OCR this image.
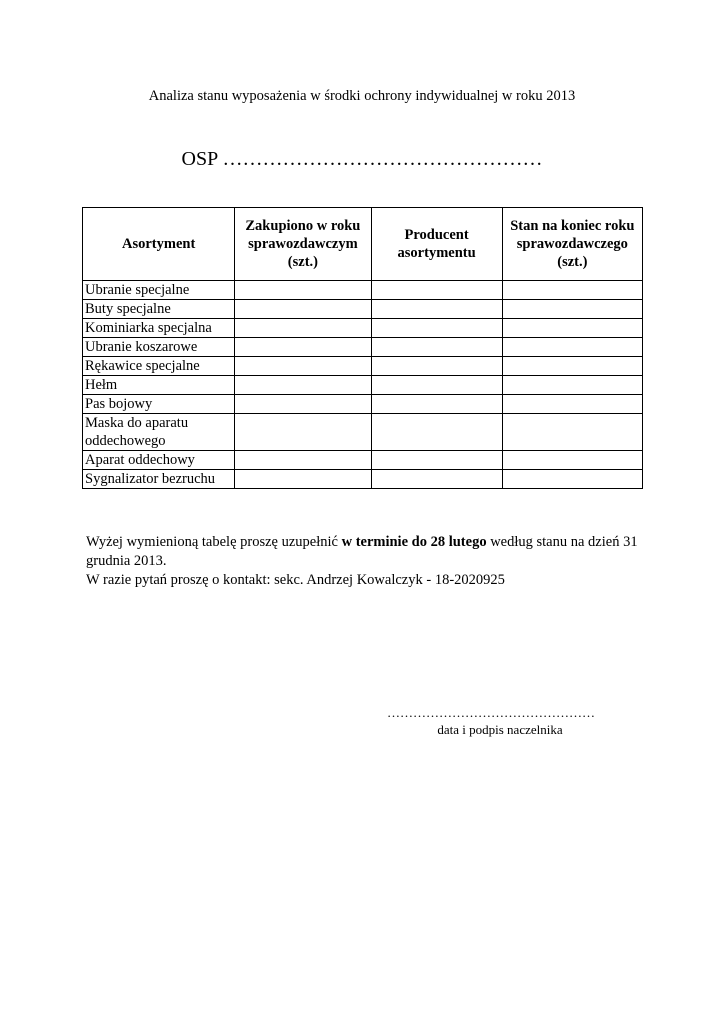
Analiza stanu wyposażenia w środki ochrony indywidualnej w roku 2013
OSP …………………………………………
Asortyment	Zakupiono w roku sprawozdawczym (szt.)	Producent asortymentu	Stan na koniec roku sprawozdawczego (szt.)
Ubranie specjalne			
Buty specjalne			
Kominiarka specjalna			
Ubranie koszarowe			
Rękawice specjalne			
Hełm			
Pas bojowy			
Maska do aparatu oddechowego			
Aparat oddechowy			
Sygnalizator bezruchu			

Wyżej wymienioną tabelę proszę uzupełnić w terminie do 28 lutego według stanu na dzień 31 grudnia 2013.

W razie pytań proszę o kontakt: sekc. Andrzej Kowalczyk - 18-2020925

…………………………………………
data i podpis naczelnika
